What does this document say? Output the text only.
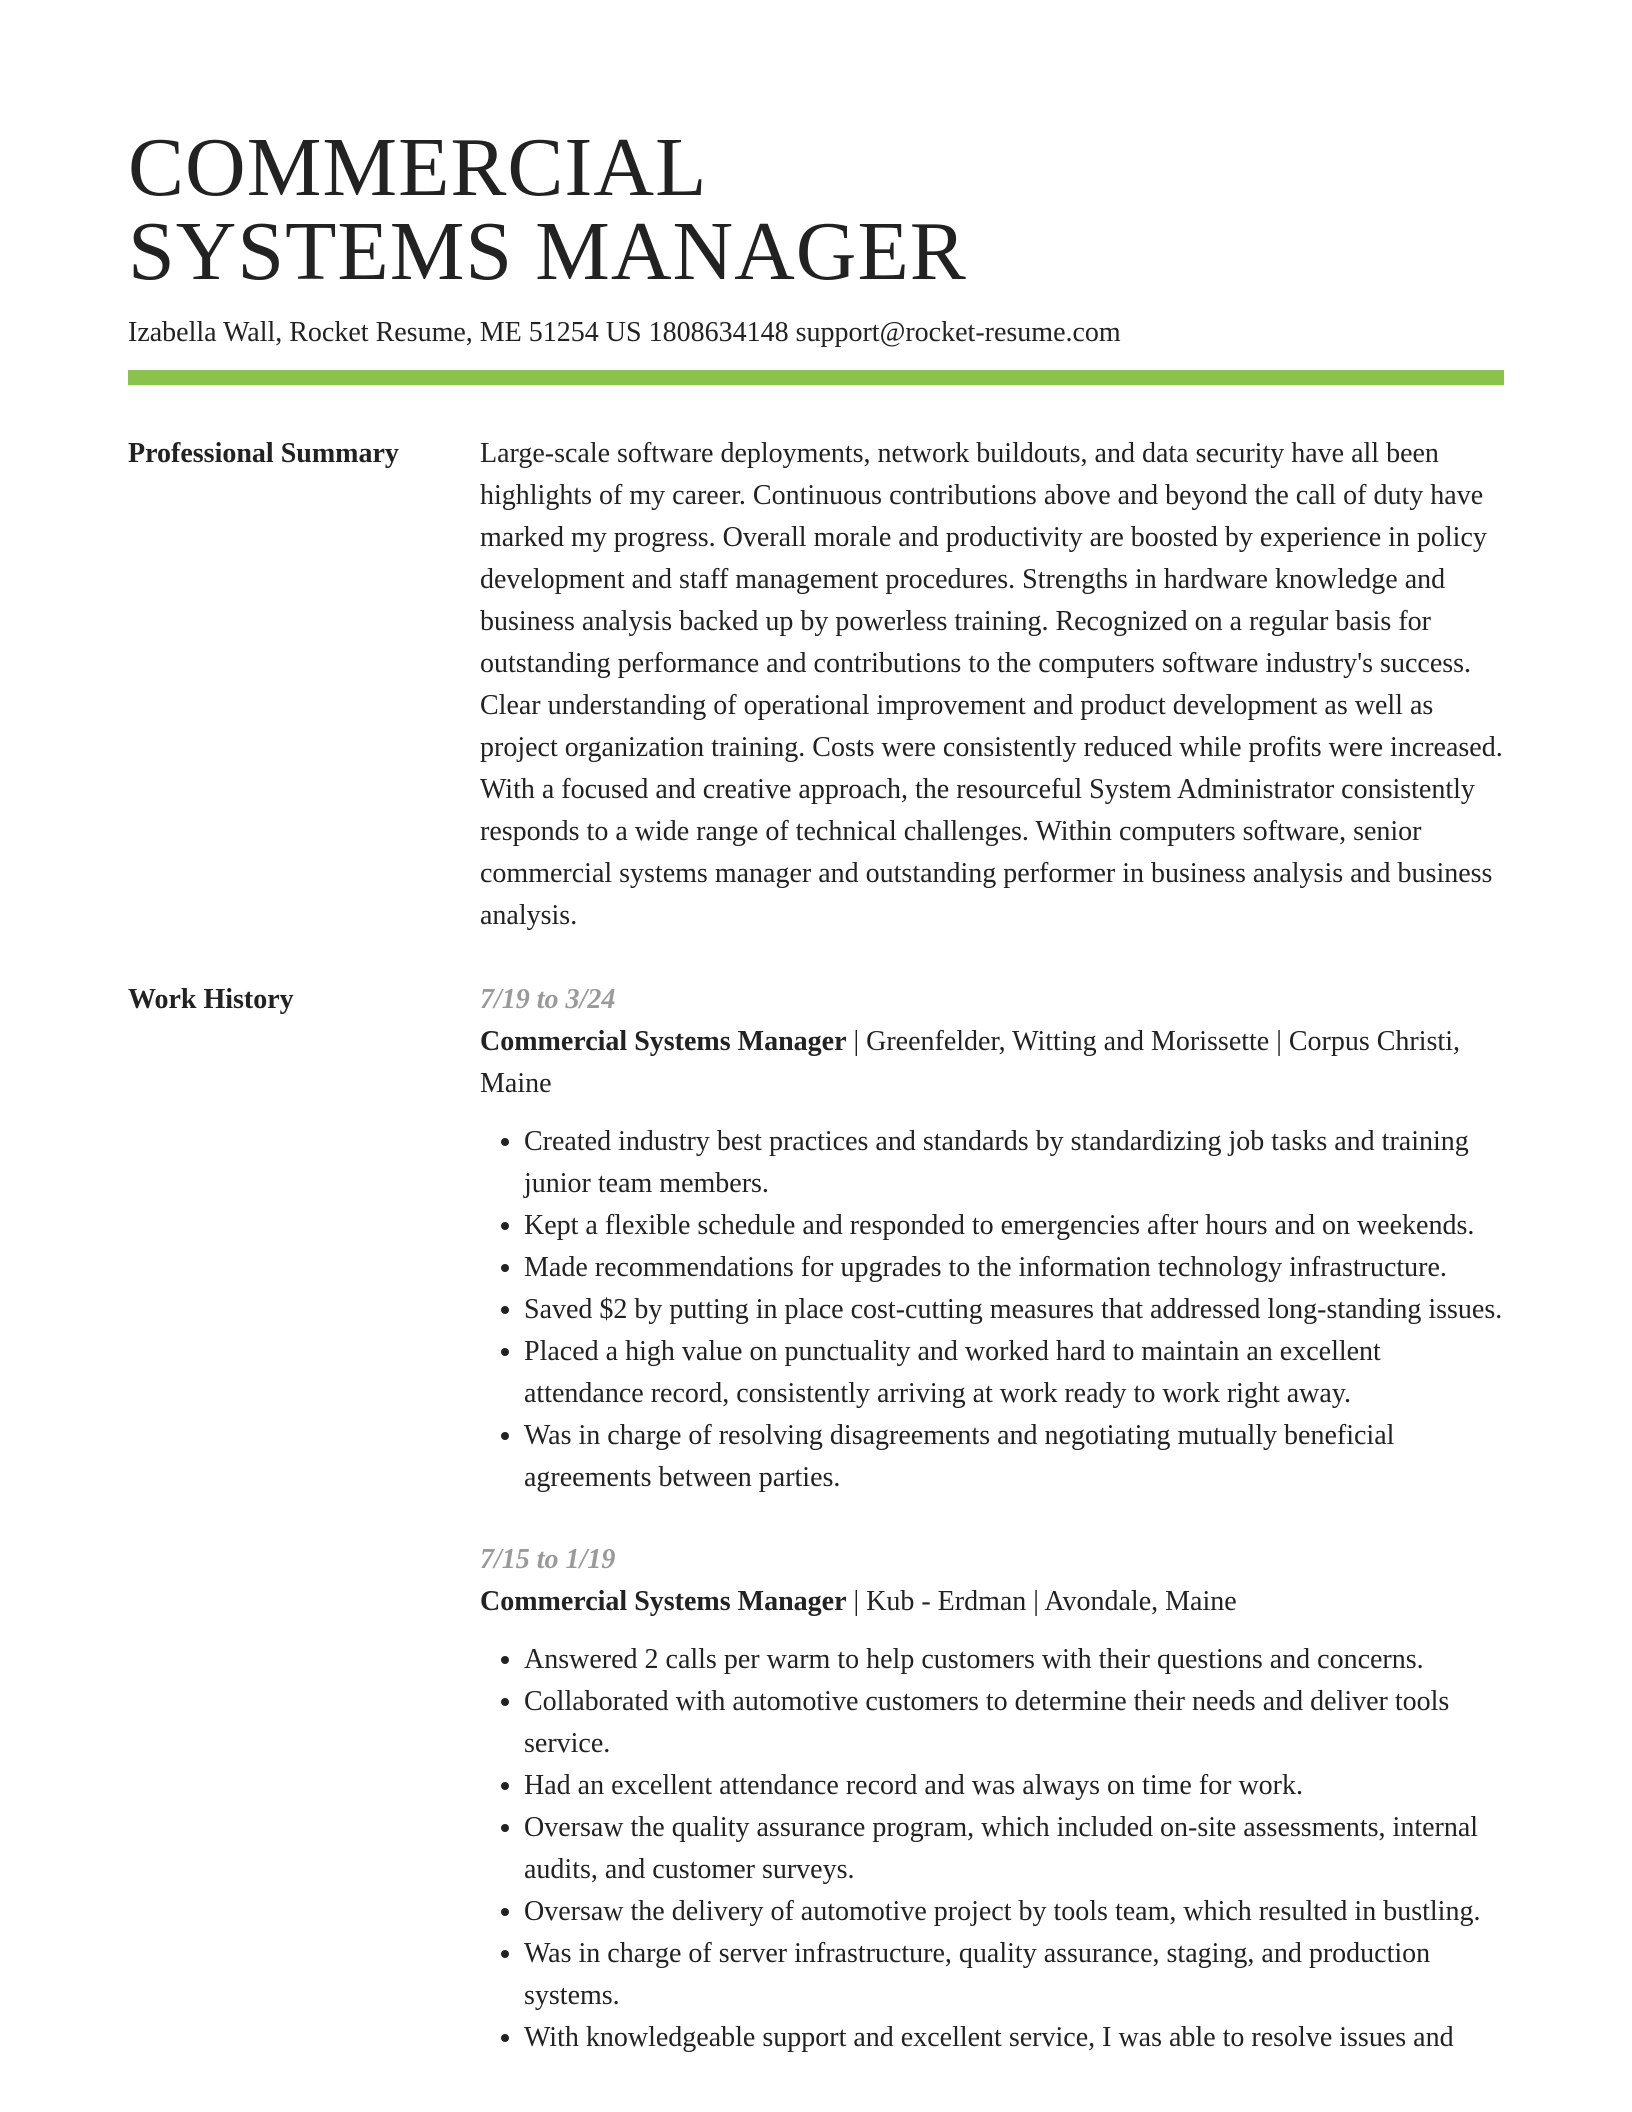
COMMERCIAL
SYSTEMS MANAGER
Izabella Wall, Rocket Resume, ME 51254 US 1808634148 support@rocket-resume.com
Professional Summary	Large-scale software deployments, network buildouts, and data security have all been highlights of my career. Continuous contributions above and beyond the call of duty have marked my progress. Overall morale and productivity are boosted by experience in policy development and staff management procedures. Strengths in hardware knowledge and business analysis backed up by powerless training. Recognized on a regular basis for outstanding performance and contributions to the computers software industry's success. Clear understanding of operational improvement and product development as well as project organization training. Costs were consistently reduced while profits were increased. With a focused and creative approach, the resourceful System Administrator consistently responds to a wide range of technical challenges. Within computers software, senior commercial systems manager and outstanding performer in business analysis and business analysis.

Work History	7/19 to 3/24

Commercial Systems Manager | Greenfelder, Witting and Morissette | Corpus Christi, Maine

• Created industry best practices and standards by standardizing job tasks and training junior team members.
• Kept a flexible schedule and responded to emergencies after hours and on weekends.
• Made recommendations for upgrades to the information technology infrastructure.
• Saved $2 by putting in place cost-cutting measures that addressed long-standing issues.
• Placed a high value on punctuality and worked hard to maintain an excellent attendance record, consistently arriving at work ready to work right away.
• Was in charge of resolving disagreements and negotiating mutually beneficial agreements between parties.
7/15 to 1/19

Commercial Systems Manager | Kub - Erdman | Avondale, Maine

• Answered 2 calls per warm to help customers with their questions and concerns.
• Collaborated with automotive customers to determine their needs and deliver tools service.
• Had an excellent attendance record and was always on time for work.
• Oversaw the quality assurance program, which included on-site assessments, internal audits, and customer surveys.
• Oversaw the delivery of automotive project by tools team, which resulted in bustling.
• Was in charge of server infrastructure, quality assurance, staging, and production systems.
• With knowledgeable support and excellent service, I was able to resolve issues and
